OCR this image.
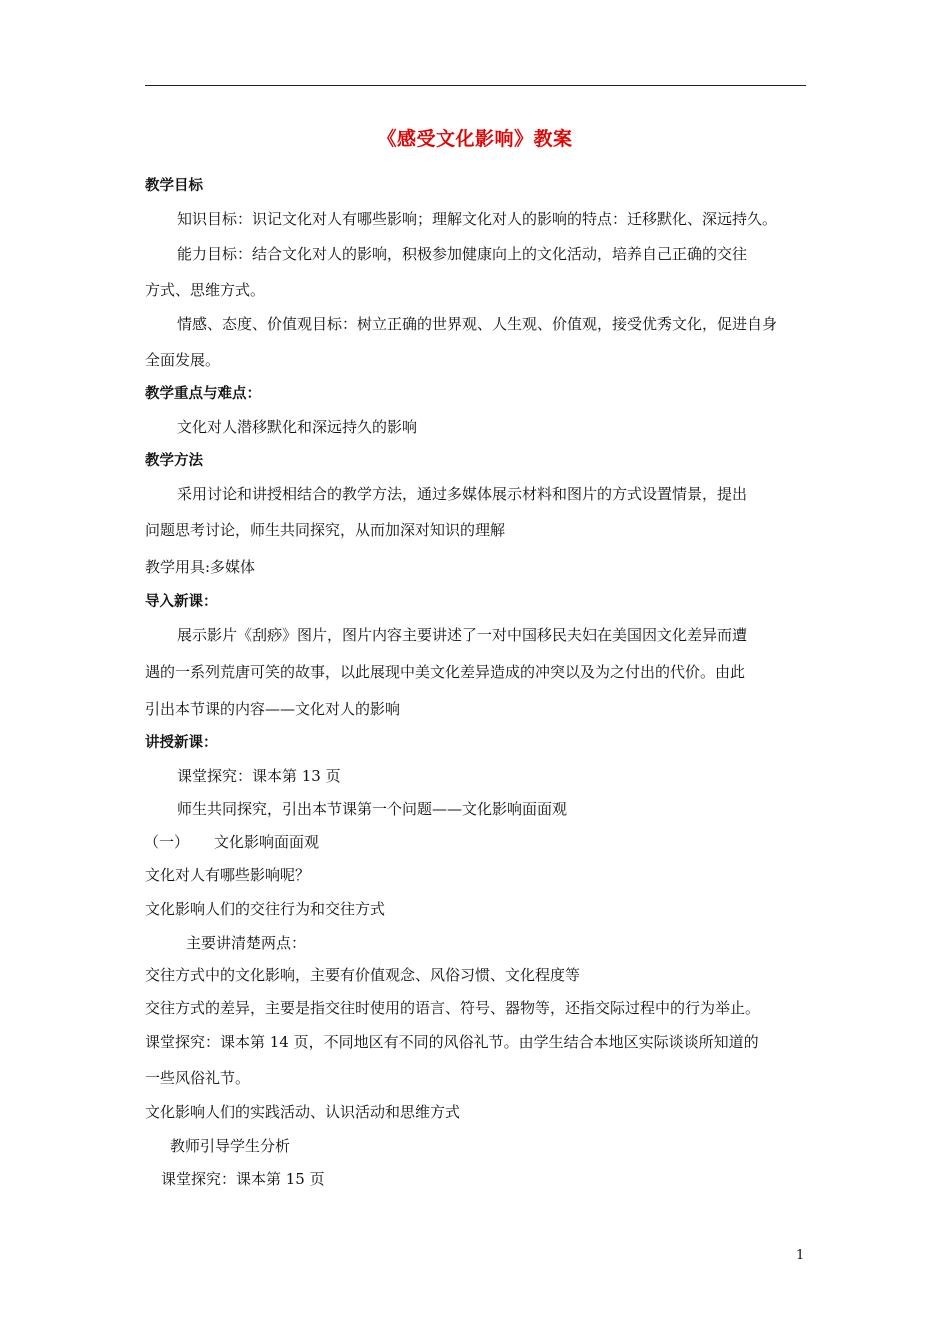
《感受文化影响》教案
教学目标
知识目标：识记文化对人有哪些影响；理解文化对人的影响的特点：迁移默化、深远持久。
能力目标：结合文化对人的影响，积极参加健康向上的文化活动，培养自己正确的交往
方式、思维方式。
情感、态度、价值观目标：树立正确的世界观、人生观、价值观，接受优秀文化，促进自身
全面发展。
教学重点与难点：
文化对人潜移默化和深远持久的影响
教学方法
采用讨论和讲授相结合的教学方法，通过多媒体展示材料和图片的方式设置情景，提出
问题思考讨论，师生共同探究，从而加深对知识的理解
教学用具:多媒体
导入新课：
展示影片《刮痧》图片，图片内容主要讲述了一对中国移民夫妇在美国因文化差异而遭
遇的一系列荒唐可笑的故事，以此展现中美文化差异造成的冲突以及为之付出的代价。由此
引出本节课的内容——文化对人的影响
讲授新课：
课堂探究：课本第 13 页
师生共同探究，引出本节课第一个问题——文化影响面面观
（一） 文化影响面面观
文化对人有哪些影响呢？
文化影响人们的交往行为和交往方式
主要讲清楚两点：
交往方式中的文化影响，主要有价值观念、风俗习惯、文化程度等
交往方式的差异，主要是指交往时使用的语言、符号、器物等，还指交际过程中的行为举止。
课堂探究：课本第 14 页，不同地区有不同的风俗礼节。由学生结合本地区实际谈谈所知道的
一些风俗礼节。
文化影响人们的实践活动、认识活动和思维方式
教师引导学生分析
课堂探究：课本第 15 页
1
